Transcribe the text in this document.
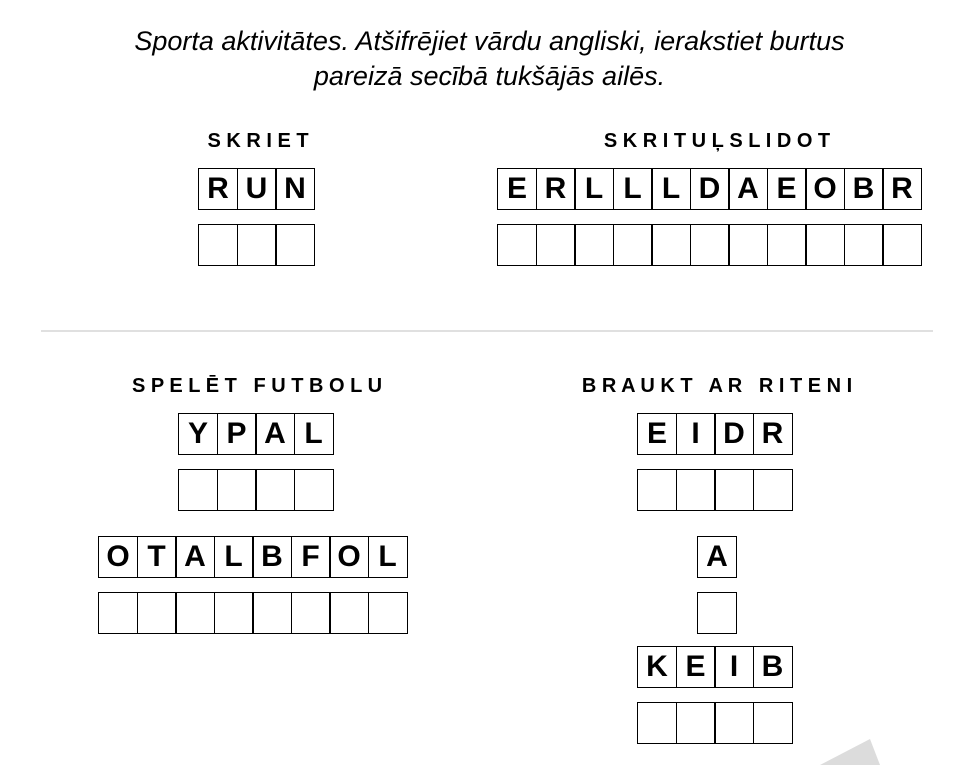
Sporta aktivitātes. Atšifrējiet vārdu angliski, ierakstiet burtus
pareizā secībā tukšājās ailēs.
S K R I E T
R U N
S K R I T U Ļ S L I D O T
E R L L L D A E O B R
S P E L Ē T   F U T B O L U
Y P A L
O T A L B F O L
B R A U K T   A R   R I T E N I
E I D R
A
K E I B
